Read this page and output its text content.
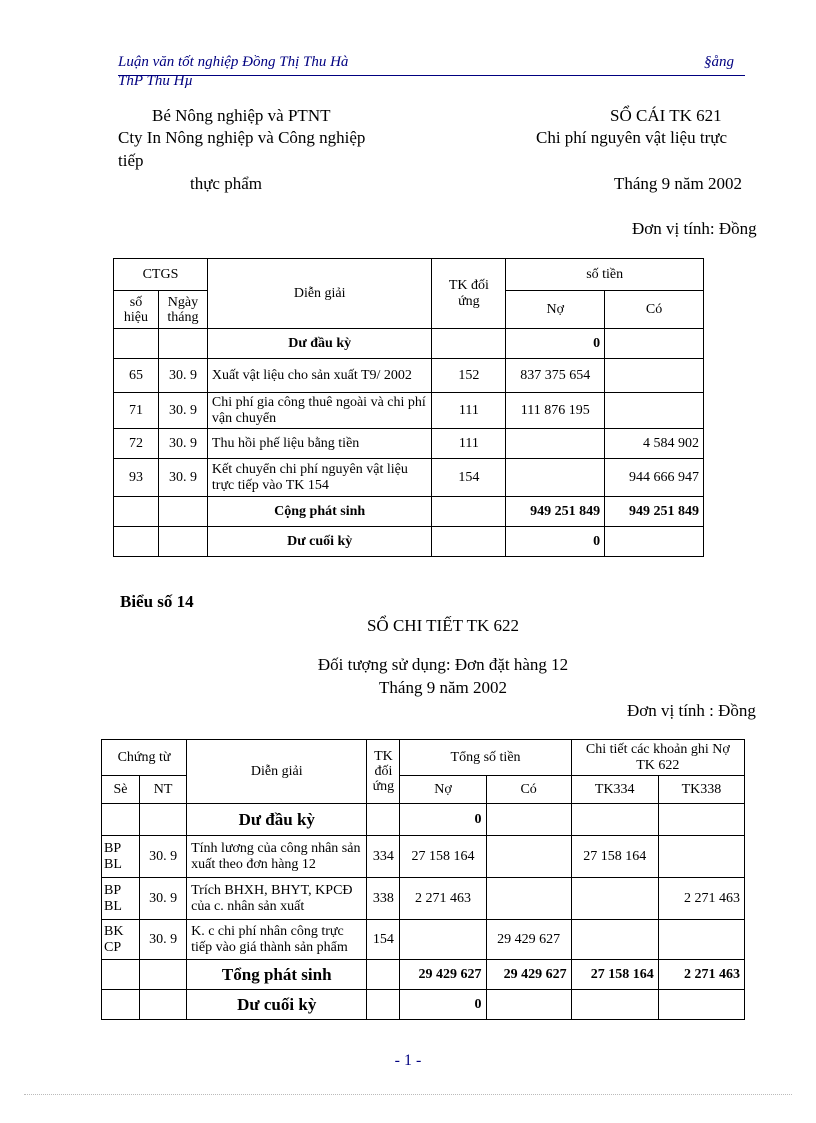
Luận văn tốt nghiệp Đồng Thị Thu Hà	§ång
ThP Thu Hµ
Bé Nông nghiệp và PTNT
Cty In Nông nghiệp và Công nghiệp
tiếp
thực phẩm
SỔ CÁI TK 621
Chi phí nguyên vật liệu trực
Tháng 9 năm 2002
Đơn vị tính: Đồng
CTGS		Diễn giải	TK đối ứng	số tiền	
số hiệu	Ngày tháng			Nợ	Có
		Dư đầu kỳ		0	
65	30. 9	Xuất vật liệu cho sản xuất T9/ 2002	152	837 375 654	
71	30. 9	Chi phí gia công thuê ngoài và chi phí vận chuyển	111	111 876 195	
72	30. 9	Thu hồi phế liệu bằng tiền	111		4 584 902
93	30. 9	Kết chuyển chi phí nguyên vật liệu trực tiếp vào TK 154	154		944 666 947
		Cộng phát sinh		949 251 849	949 251 849
		Dư cuối kỳ		0	
Biểu số 14
SỔ CHI TIẾT TK 622
Đối tượng sử dụng: Đơn đặt hàng 12
Tháng 9 năm 2002
Đơn vị tính : Đồng
Chứng từ		Diễn giải	TK đối ứng	Tổng số tiền		Chi tiết các khoản ghi Nợ TK 622	
Sè	NT			Nợ	Có	TK334	TK338
		Dư đầu kỳ		0			
BP BL	30. 9	Tính lương của công nhân sản xuất theo đơn hàng 12	334	27 158 164		27 158 164	
BP BL	30. 9	Trích BHXH, BHYT, KPCĐ của c. nhân sản xuất	338	2 271 463			2 271 463
BK CP	30. 9	K. c chi phí nhân công trực tiếp vào giá thành sản phẩm	154		29 429 627		
		Tổng phát sinh		29 429 627	29 429 627	27 158 164	2 271 463
		Dư cuối kỳ		0			
- 1 -
